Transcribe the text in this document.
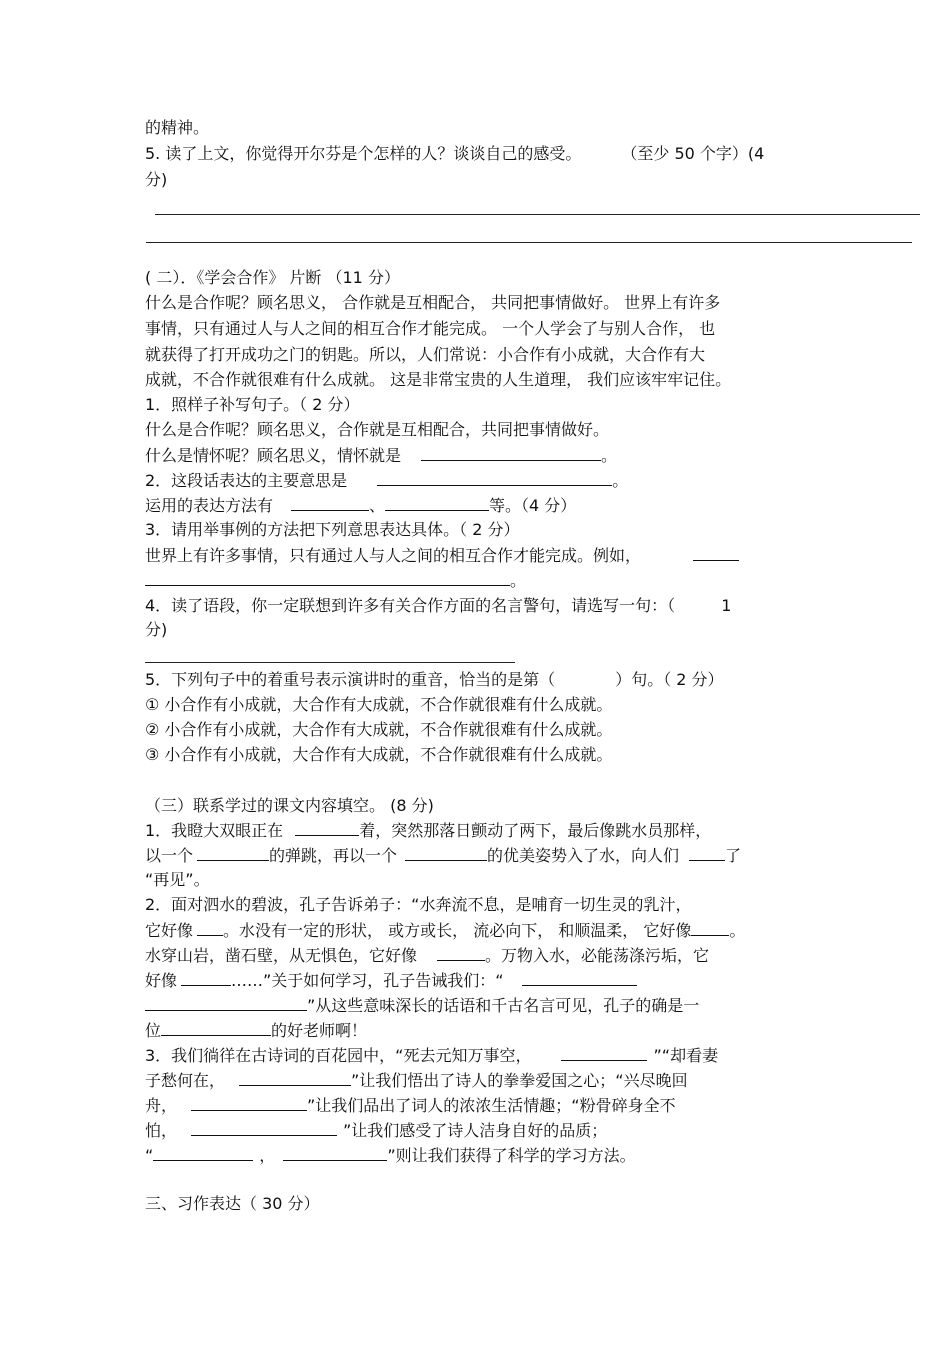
的精神。
5. 读了上文，你觉得开尔芬是个怎样的人？谈谈自己的感受。	（至少 50 个字）(4
分)
( 二）．《学会合作》 片断 （11 分）
什么是合作呢？顾名思义， 合作就是互相配合， 共同把事情做好。 世界上有许多
事情，只有通过人与人之间的相互合作才能完成。 一个人学会了与别人合作， 也
就获得了打开成功之门的钥匙。所以，人们常说：小合作有小成就，大合作有大
成就，不合作就很难有什么成就。 这是非常宝贵的人生道理， 我们应该牢牢记住。
1．照样子补写句子。（ 2 分）
什么是合作呢？顾名思义，合作就是互相配合，共同把事情做好。
什么是情怀呢？顾名思义，情怀就是	。
2．这段话表达的主要意思是	。
运用的表达方法有	、	等。（4 分）
3．请用举事例的方法把下列意思表达具体。（ 2 分）
世界上有许多事情，只有通过人与人之间的相互合作才能完成。例如，
。
4．读了语段，你一定联想到许多有关合作方面的名言警句，请选写一句：（	1
分)
5．下列句子中的着重号表示演讲时的重音，恰当的是第（	）句。（ 2 分）
① 小合作有小成就，大合作有大成就，不合作就很难有什么成就。
② 小合作有小成就，大合作有大成就，不合作就很难有什么成就。
③ 小合作有小成就，大合作有大成就，不合作就很难有什么成就。
（三）联系学过的课文内容填空。 (8 分)
1．我瞪大双眼正在	着，突然那落日颤动了两下，最后像跳水员那样，
以一个	的弹跳，再以一个	的优美姿势入了水，向人们	了
“再见”。
2．面对泗水的碧波，孔子告诉弟子：“水奔流不息，是哺育一切生灵的乳汁，
它好像 。水没有一定的形状， 或方或长， 流必向下， 和顺温柔， 它好像 。
水穿山岩，凿石壁，从无惧色，它好像	。万物入水，必能荡涤污垢，它
好像	……”关于如何学习，孔子告诫我们：“
”从这些意味深长的话语和千古名言可见，孔子的确是一
位	的好老师啊！
3．我们徜徉在古诗词的百花园中，“死去元知万事空，	”“却看妻
子愁何在，	”让我们悟出了诗人的拳拳爱国之心；“兴尽晚回
舟，	”让我们品出了词人的浓浓生活情趣；“粉骨碎身全不
怕，	”让我们感受了诗人洁身自好的品质；
“	，	”则让我们获得了科学的学习方法。
三、习作表达（ 30 分）
